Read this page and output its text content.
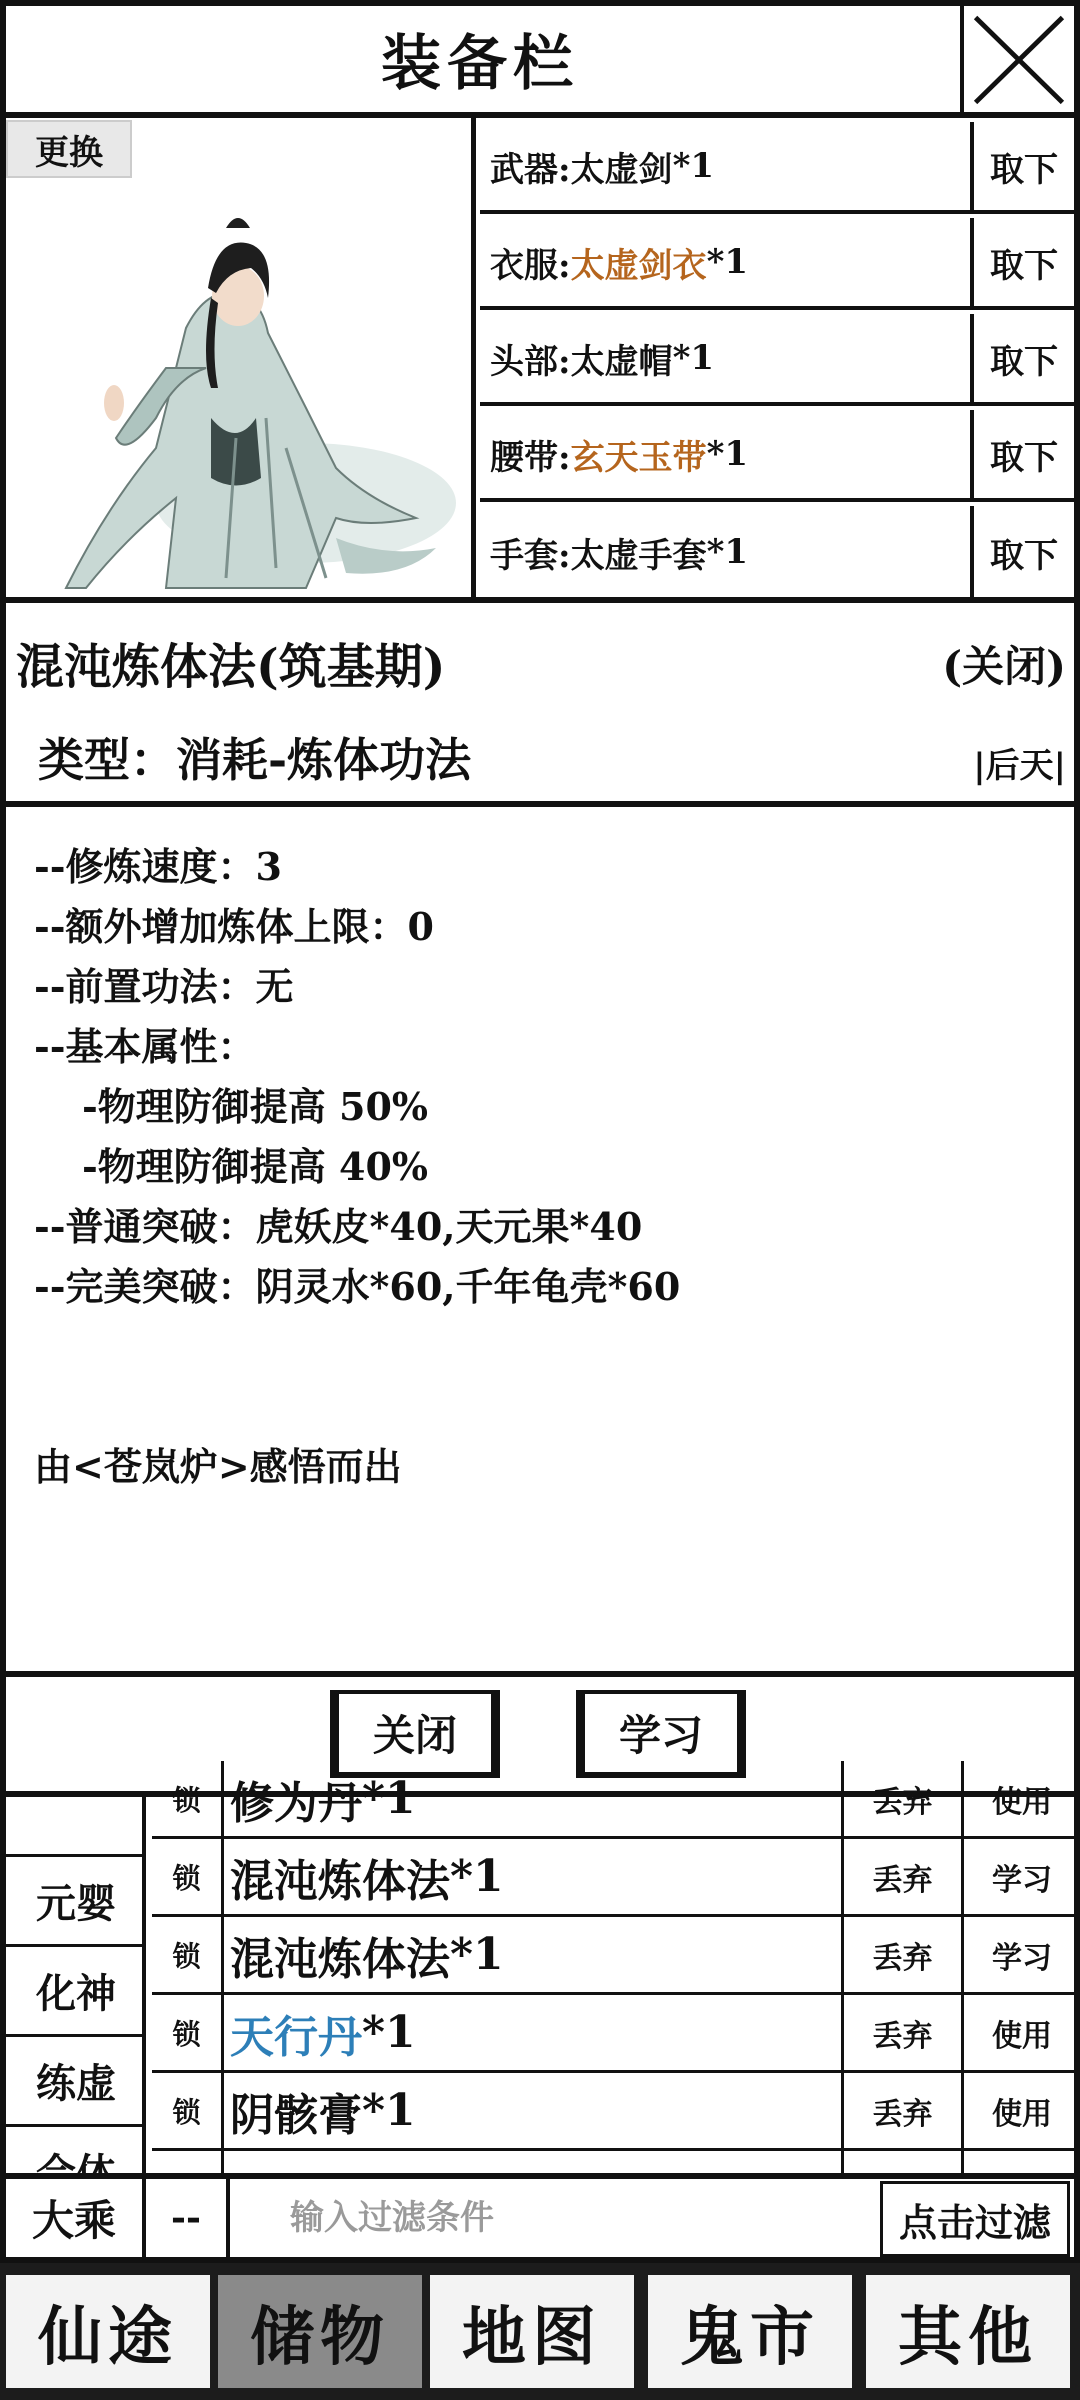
装备栏
更换	武器: 太虚剑 *1	取下
衣服: 太虚剑衣 *1	取下
头部: 太虚帽 *1	取下
腰带: 玄天玉带 *1	取下
手套: 太虚手套 *1	取下
混沌炼体法(筑基期)	(关闭)
类型：消耗-炼体功法	|后天|
--修炼速度：3
--额外增加炼体上限：0
--前置功法：无
--基本属性：
-物理防御提高 50%
-物理防御提高 40%
--普通突破：虎妖皮*40,天元果*40
--完美突破：阴灵水*60,千年龟壳*60
由<苍岚炉>感悟而出
关闭	学习
锁 修为丹 *1	丢弃	使用
锁 混沌炼体法 *1	丢弃	学习
锁 混沌炼体法 *1	丢弃	学习
锁 天行丹 *1	丢弃	使用
锁 阴骸膏 *1	丢弃	使用
元婴
化神
练虚
大乘	--
输入过滤条件	点击过滤
仙途	储物	地图	鬼市	其他
